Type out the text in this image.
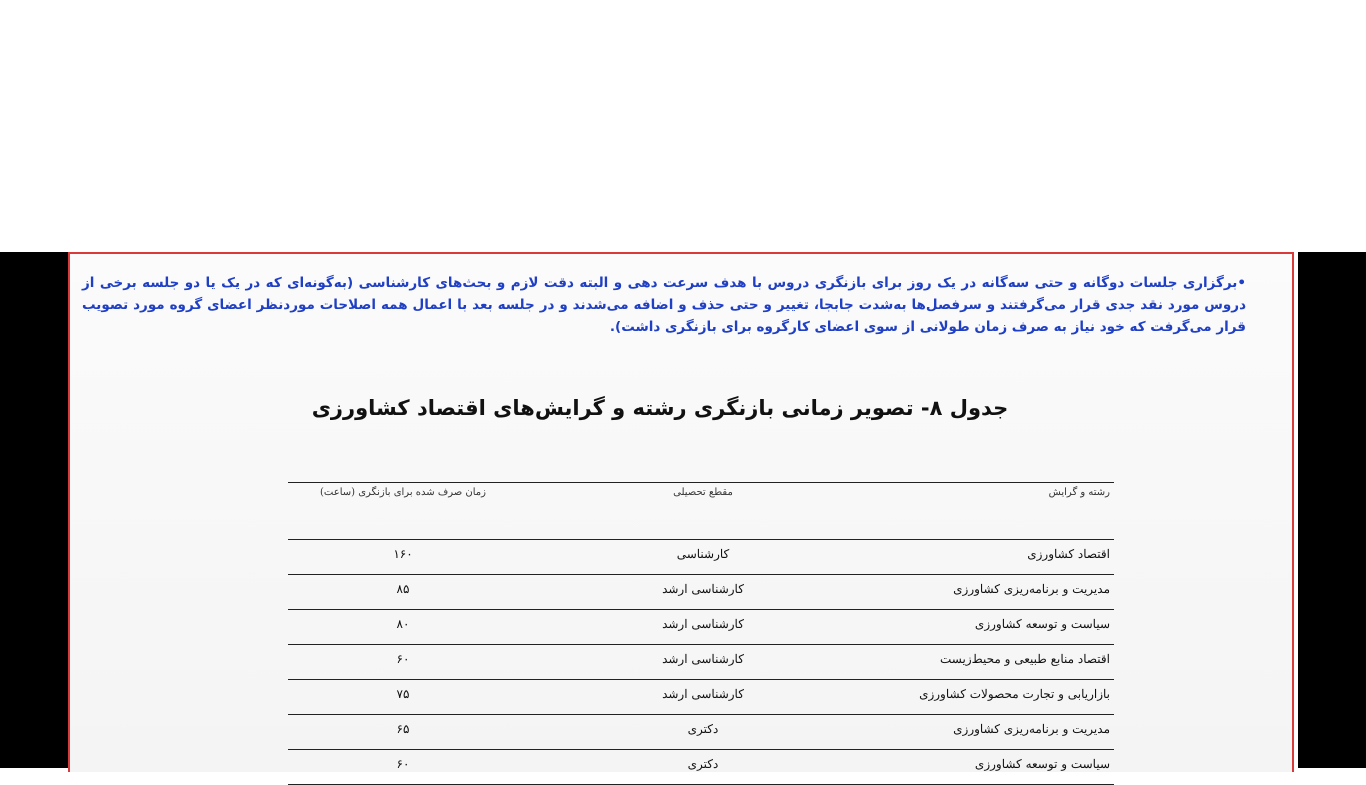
•برگزاری جلسات دوگانه و حتی سه‌گانه در یک روز برای بازنگری دروس با هدف سرعت دهی و البته دقت لازم و بحث‌های کارشناسی (به‌گونه‌ای که در یک یا دو جلسه برخی از دروس مورد نقد جدی قرار می‌گرفتند و سرفصل‌ها به‌شدت جابجا، تغییر و حتی حذف و اضافه می‌شدند و در جلسه بعد با اعمال همه اصلاحات موردنظر اعضای گروه مورد تصویب قرار می‌گرفت که خود نیاز به صرف زمان طولانی از سوی اعضای کارگروه برای بازنگری داشت).
جدول ۸- تصویر زمانی بازنگری رشته و گرایش‌های اقتصاد کشاورزی
رشته و گرایش
مقطع تحصیلی
زمان صرف شده برای بازنگری (ساعت)
اقتصاد کشاورزی
کارشناسی
۱۶۰
مدیریت و برنامه‌ریزی کشاورزی
کارشناسی ارشد
۸۵
سیاست و توسعه کشاورزی
کارشناسی ارشد
۸۰
اقتصاد منابع طبیعی و محیط‌زیست
کارشناسی ارشد
۶۰
بازاریابی و تجارت محصولات کشاورزی
کارشناسی ارشد
۷۵
مدیریت و برنامه‌ریزی کشاورزی
دکتری
۶۵
سیاست و توسعه کشاورزی
دکتری
۶۰
